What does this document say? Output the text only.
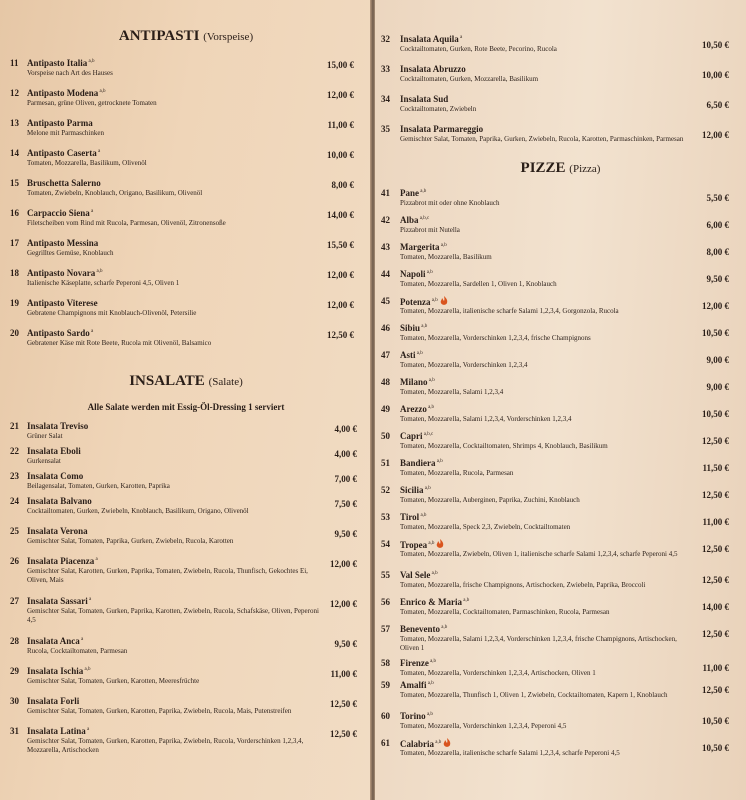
ANTIPASTI (Vorspeise)
11 Antipasto Italia $^{a,b}$
Vorspeise nach Art des Hauses
15,00 €
12 Antipasto Modena $^{a,b}$
Parmesan, grüne Oliven, getrocknete Tomaten
12,00 €
13 Antipasto Parma
Melone mit Parmaschinken
11,00 €
14 Antipasto Caserta $^a$
Tomaten, Mozzarella, Basilikum, Olivenöl
10,00 €
15 Bruschetta Salerno
Tomaten, Zwiebeln, Knoblauch, Origano, Basilikum, Olivenöl
8,00 €
16 Carpaccio Siena $^a$
Filetscheiben vom Rind mit Rucola, Parmesan, Olivenöl, Zitronensoße
14,00 €
17 Antipasto Messina
Gegrilltes Gemüse, Knoblauch
15,50 €
18 Antipasto Novara $^{a,b}$
Italienische Käseplatte, scharfe Peperoni 4,5, Oliven 1
12,00 €
19 Antipasto Viterese
Gebratene Champignons mit Knoblauch-Olivenöl, Petersilie
12,00 €
20 Antipasto Sardo $^a$
Gebratener Käse mit Rote Beete, Rucola mit Olivenöl, Balsamico
12,50 €
INSALATE (Salate)
Alle Salate werden mit Essig-Öl-Dressing 1 serviert
21 Insalata Treviso
Grüner Salat
4,00 €
22 Insalata Eboli
Gurkensalat
4,00 €
23 Insalata Como
Beilagensalat, Tomaten, Gurken, Karotten, Paprika
7,00 €
24 Insalata Balvano
Cocktailtomaten, Gurken, Zwiebeln, Knoblauch, Basilikum, Origano, Olivenöl
7,50 €
25 Insalata Verona
Gemischter Salat, Tomaten, Paprika, Gurken, Zwiebeln, Rucola, Karotten
9,50 €
26 Insalata Piacenza $^a$
Gemischter Salat, Karotten, Gurken, Paprika, Tomaten, Zwiebeln, Rucola, Thunfisch, Gekochtes Ei, Oliven, Mais
12,00 €
27 Insalata Sassari $^a$
Gemischter Salat, Tomaten, Gurken, Paprika, Karotten, Zwiebeln, Rucola, Schafskäse, Oliven, Peperoni 4,5
12,00 €
28 Insalata Anca $^a$
Rucola, Cocktailtomaten, Parmesan
9,50 €
29 Insalata Ischia $^{a,b}$
Gemischter Salat, Tomaten, Gurken, Karotten, Meeresfrüchte
11,00 €
30 Insalata Forli
Gemischter Salat, Tomaten, Gurken, Karotten, Paprika, Zwiebeln, Rucola, Mais, Putenstreifen
12,50 €
31 Insalata Latina $^a$
Gemischter Salat, Tomaten, Gurken, Karotten, Paprika, Zwiebeln, Rucola, Vorderschinken 1,2,3,4, Mozzarella, Artischocken
12,50 €
32	Insalata Aquila $^a$
Cocktailtomaten, Gurken, Rote Beete, Pecorino, Rucola	10,50 €
33	Insalata Abruzzo
Cocktailtomaten, Gurken, Mozzarella, Basilikum	10,00 €
34	Insalata Sud
Cocktailtomaten, Zwiebeln	6,50 €
35	Insalata Parmareggio
Gemischter Salat, Tomaten, Paprika, Gurken, Zwiebeln, Rucola, Karotten, Parmaschinken, Parmesan	12,00 €
PIZZE (Pizza)
41	Pane $^{a,b}$
Pizzabrot mit oder ohne Knoblauch	5,50 €
42	Alba $^{a,b,c}$
Pizzabrot mit Nutella	6,00 €
43	Margerita $^{a,b}$
Tomaten, Mozzarella, Basilikum	8,00 €
44	Napoli $^{a,b}$
Tomaten, Mozzarella, Sardellen 1, Oliven 1, Knoblauch	9,50 €
45	Potenza $^{a,b}$
Tomaten, Mozzarella, italienische scharfe Salami 1,2,3,4, Gorgonzola, Rucola	12,00 €
46	Sibiu $^{a,b}$
Tomaten, Mozzarella, Vorderschinken 1,2,3,4, frische Champignons	10,50 €
47	Asti $^{a,b}$
Tomaten, Mozzarella, Vorderschinken 1,2,3,4	9,00 €
48	Milano $^{a,b}$
Tomaten, Mozzarella, Salami 1,2,3,4	9,00 €
49	Arezzo $^{a,b}$
Tomaten, Mozzarella, Salami 1,2,3,4, Vorderschinken 1,2,3,4	10,50 €
50	Capri $^{a,b,c}$
Tomaten, Mozzarella, Cocktailtomaten, Shrimps 4, Knoblauch, Basilikum	12,50 €
51	Bandiera $^{a,b}$
Tomaten, Mozzarella, Rucola, Parmesan	11,50 €
52	Sicilia $^{a,b}$
Tomaten, Mozzarella, Auberginen, Paprika, Zuchini, Knoblauch	12,50 €
53	Tirol $^{a,b}$
Tomaten, Mozzarella, Speck 2,3, Zwiebeln, Cocktailtomaten	11,00 €
54	Tropea $^{a,b}$
Tomaten, Mozzarella, Zwiebeln, Oliven 1, italienische scharfe Salami 1,2,3,4, scharfe Peperoni 4,5	12,50 €
55	Val Sele $^{a,b}$
Tomaten, Mozzarella, frische Champignons, Artischocken, Zwiebeln, Paprika, Broccoli	12,50 €
56	Enrico & Maria $^{a,b}$
Tomaten, Mozzarella, Cocktailtomaten, Parmaschinken, Rucola, Parmesan	14,00 €
57	Benevento $^{a,b}$
Tomaten, Mozzarella, Salami 1,2,3,4, Vorderschinken 1,2,3,4, frische Champignons, Artischocken, Oliven 1
12,50 €
58	Firenze $^{a,b}$
Tomaten, Mozzarella, Vorderschinken 1,2,3,4, Artischocken, Oliven 1	11,00 €
59	Amalfi $^{a,b}$
Tomaten, Mozzarella, Thunfisch 1, Oliven 1, Zwiebeln, Cocktailtomaten, Kapern 1, Knoblauch	12,50 €
60	Torino $^{a,b}$
Tomaten, Mozzarella, Vorderschinken 1,2,3,4, Peperoni 4,5	10,50 €
61	Calabria $^{a,b}$
Tomaten, Mozzarella, italienische scharfe Salami 1,2,3,4, scharfe Peperoni 4,5	10,50 €
